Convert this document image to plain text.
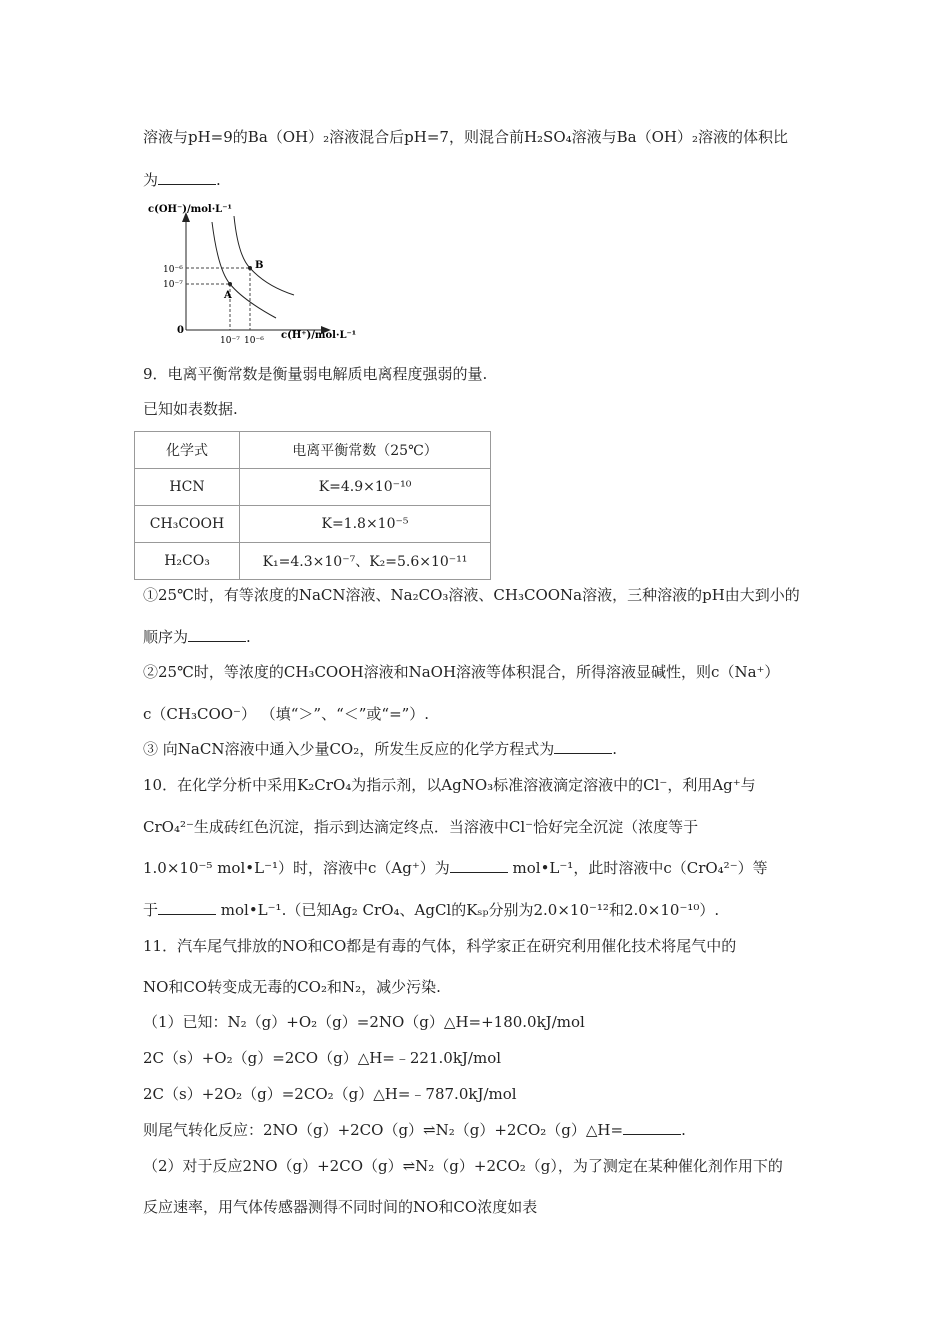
溶液与pH=9的Ba（OH）₂溶液混合后pH=7，则混合前H₂SO₄溶液与Ba（OH）₂溶液的体积比
为	.
c(OH⁻)/mol·L⁻¹
c(H⁺)/mol·L⁻¹
0
10⁻⁶
10⁻⁷
10⁻⁷ 10⁻⁶
A
B
9．电离平衡常数是衡量弱电解质电离程度强弱的量.
已知如表数据.
化学式	电离平衡常数（25℃）
HCN	K=4.9×10⁻¹⁰
CH₃COOH	K=1.8×10⁻⁵
H₂CO₃	K₁=4.3×10⁻⁷、K₂=5.6×10⁻¹¹
①25℃时，有等浓度的NaCN溶液、Na₂CO₃溶液、CH₃COONa溶液，三种溶液的pH由大到小的
顺序为	.
②25℃时，等浓度的CH₃COOH溶液和NaOH溶液等体积混合，所得溶液显碱性，则c（Na⁺）
c（CH₃COO⁻） （填“＞”、“＜”或“=”）.
③ 向NaCN溶液中通入少量CO₂，所发生反应的化学方程式为	.
10．在化学分析中采用K₂CrO₄为指示剂，以AgNO₃标准溶液滴定溶液中的Cl⁻，利用Ag⁺与
CrO₄²⁻生成砖红色沉淀，指示到达滴定终点．当溶液中Cl⁻恰好完全沉淀（浓度等于
1.0×10⁻⁵ mol•L⁻¹）时，溶液中c（Ag⁺）为	mol•L⁻¹，此时溶液中c（CrO₄²⁻）等
于	mol•L⁻¹.（已知Ag₂ CrO₄、AgCl的Kₛₚ分别为2.0×10⁻¹²和2.0×10⁻¹⁰）.
11．汽车尾气排放的NO和CO都是有毒的气体，科学家正在研究利用催化技术将尾气中的
NO和CO转变成无毒的CO₂和N₂，减少污染.
（1）已知：N₂（g）+O₂（g）=2NO（g）△H=+180.0kJ/mol
2C（s）+O₂（g）=2CO（g）△H=﹣221.0kJ/mol
2C（s）+2O₂（g）=2CO₂（g）△H=﹣787.0kJ/mol
则尾气转化反应：2NO（g）+2CO（g）⇌N₂（g）+2CO₂（g）△H=	.
（2）对于反应2NO（g）+2CO（g）⇌N₂（g）+2CO₂（g），为了测定在某种催化剂作用下的
反应速率，用气体传感器测得不同时间的NO和CO浓度如表
